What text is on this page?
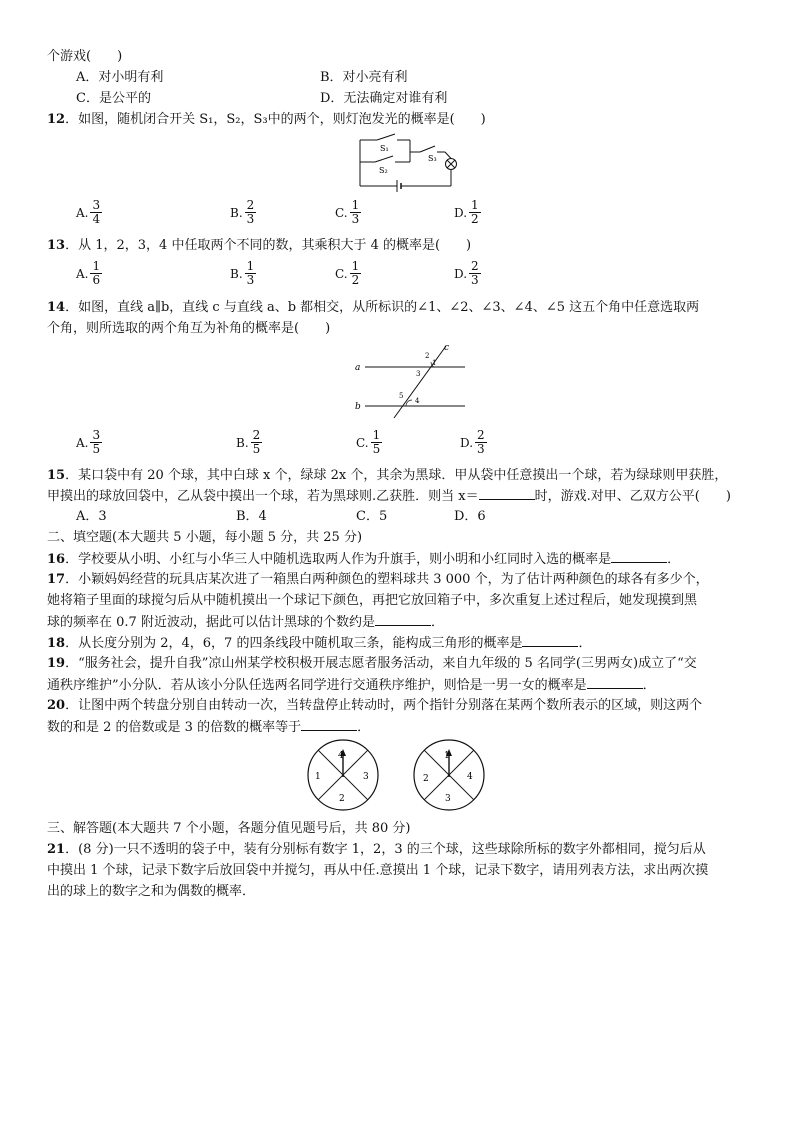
个游戏(　　)
A．对小明有利	B．对小亮有利
C．是公平的	D．无法确定对谁有利
12．如图，随机闭合开关 S₁，S₂，S₃中的两个，则灯泡发光的概率是(　　)
S₁
S₂
S₃
A. $\frac{3}{4}$	B. $\frac{2}{3}$	C. $\frac{1}{3}$	D. $\frac{1}{2}$
13．从 1，2，3，4 中任取两个不同的数，其乘积大于 4 的概率是(　　)
A. $\frac{1}{6}$	B. $\frac{1}{3}$	C. $\frac{1}{2}$	D. $\frac{2}{3}$
14．如图，直线 a∥b，直线 c 与直线 a、b 都相交，从所标识的∠1、∠2、∠3、∠4、∠5 这五个角中任意选取两
个角，则所选取的两个角互为补角的概率是(　　)
a
b
c
2
1
3
5
4
A. $\frac{3}{5}$	B. $\frac{2}{5}$	C. $\frac{1}{5}$	D. $\frac{2}{3}$
15．某口袋中有 20 个球，其中白球 x 个，绿球 2x 个，其余为黑球．甲从袋中任意摸出一个球，若为绿球则甲获胜，
甲摸出的球放回袋中，乙从袋中摸出一个球，若为黑球则.乙获胜．则当 x＝	时，游戏.对甲、乙双方公平(　　)
A．3	B．4	C．5	D．6
二、填空题(本大题共 5 小题，每小题 5 分，共 25 分)
16．学校要从小明、小红与小华三人中随机选取两人作为升旗手，则小明和小红同时入选的概率是	．
17．小颖妈妈经营的玩具店某次进了一箱黑白两种颜色的塑料球共 3 000 个，为了估计两种颜色的球各有多少个，
她将箱子里面的球搅匀后从中随机摸出一个球记下颜色，再把它放回箱子中，多次重复上述过程后，她发现摸到黑
球的频率在 0.7 附近波动，据此可以估计黑球的个数约是	．
18．从长度分别为 2，4，6，7 的四条线段中随机取三条，能构成三角形的概率是	．
19．“服务社会，提升自我”凉山州某学校积极开展志愿者服务活动，来自九年级的 5 名同学(三男两女)成立了“交
通秩序维护”小分队．若从该小分队任选两名同学进行交通秩序维护，则恰是一男一女的概率是	．
20．让图中两个转盘分别自由转动一次，当转盘停止转动时，两个指针分别落在某两个数所表示的区域，则这两个
数的和是 2 的倍数或是 3 的倍数的概率等于	．
4
1	3
2
1
2	4
3
三、解答题(本大题共 7 个小题，各题分值见题号后，共 80 分)
21．(8 分)一只不透明的袋子中，装有分别标有数字 1，2，3 的三个球，这些球除所标的数字外都相同，搅匀后从
中摸出 1 个球，记录下数字后放回袋中并搅匀，再从中任.意摸出 1 个球，记录下数字，请用列表方法，求出两次摸
出的球上的数字之和为偶数的概率．
